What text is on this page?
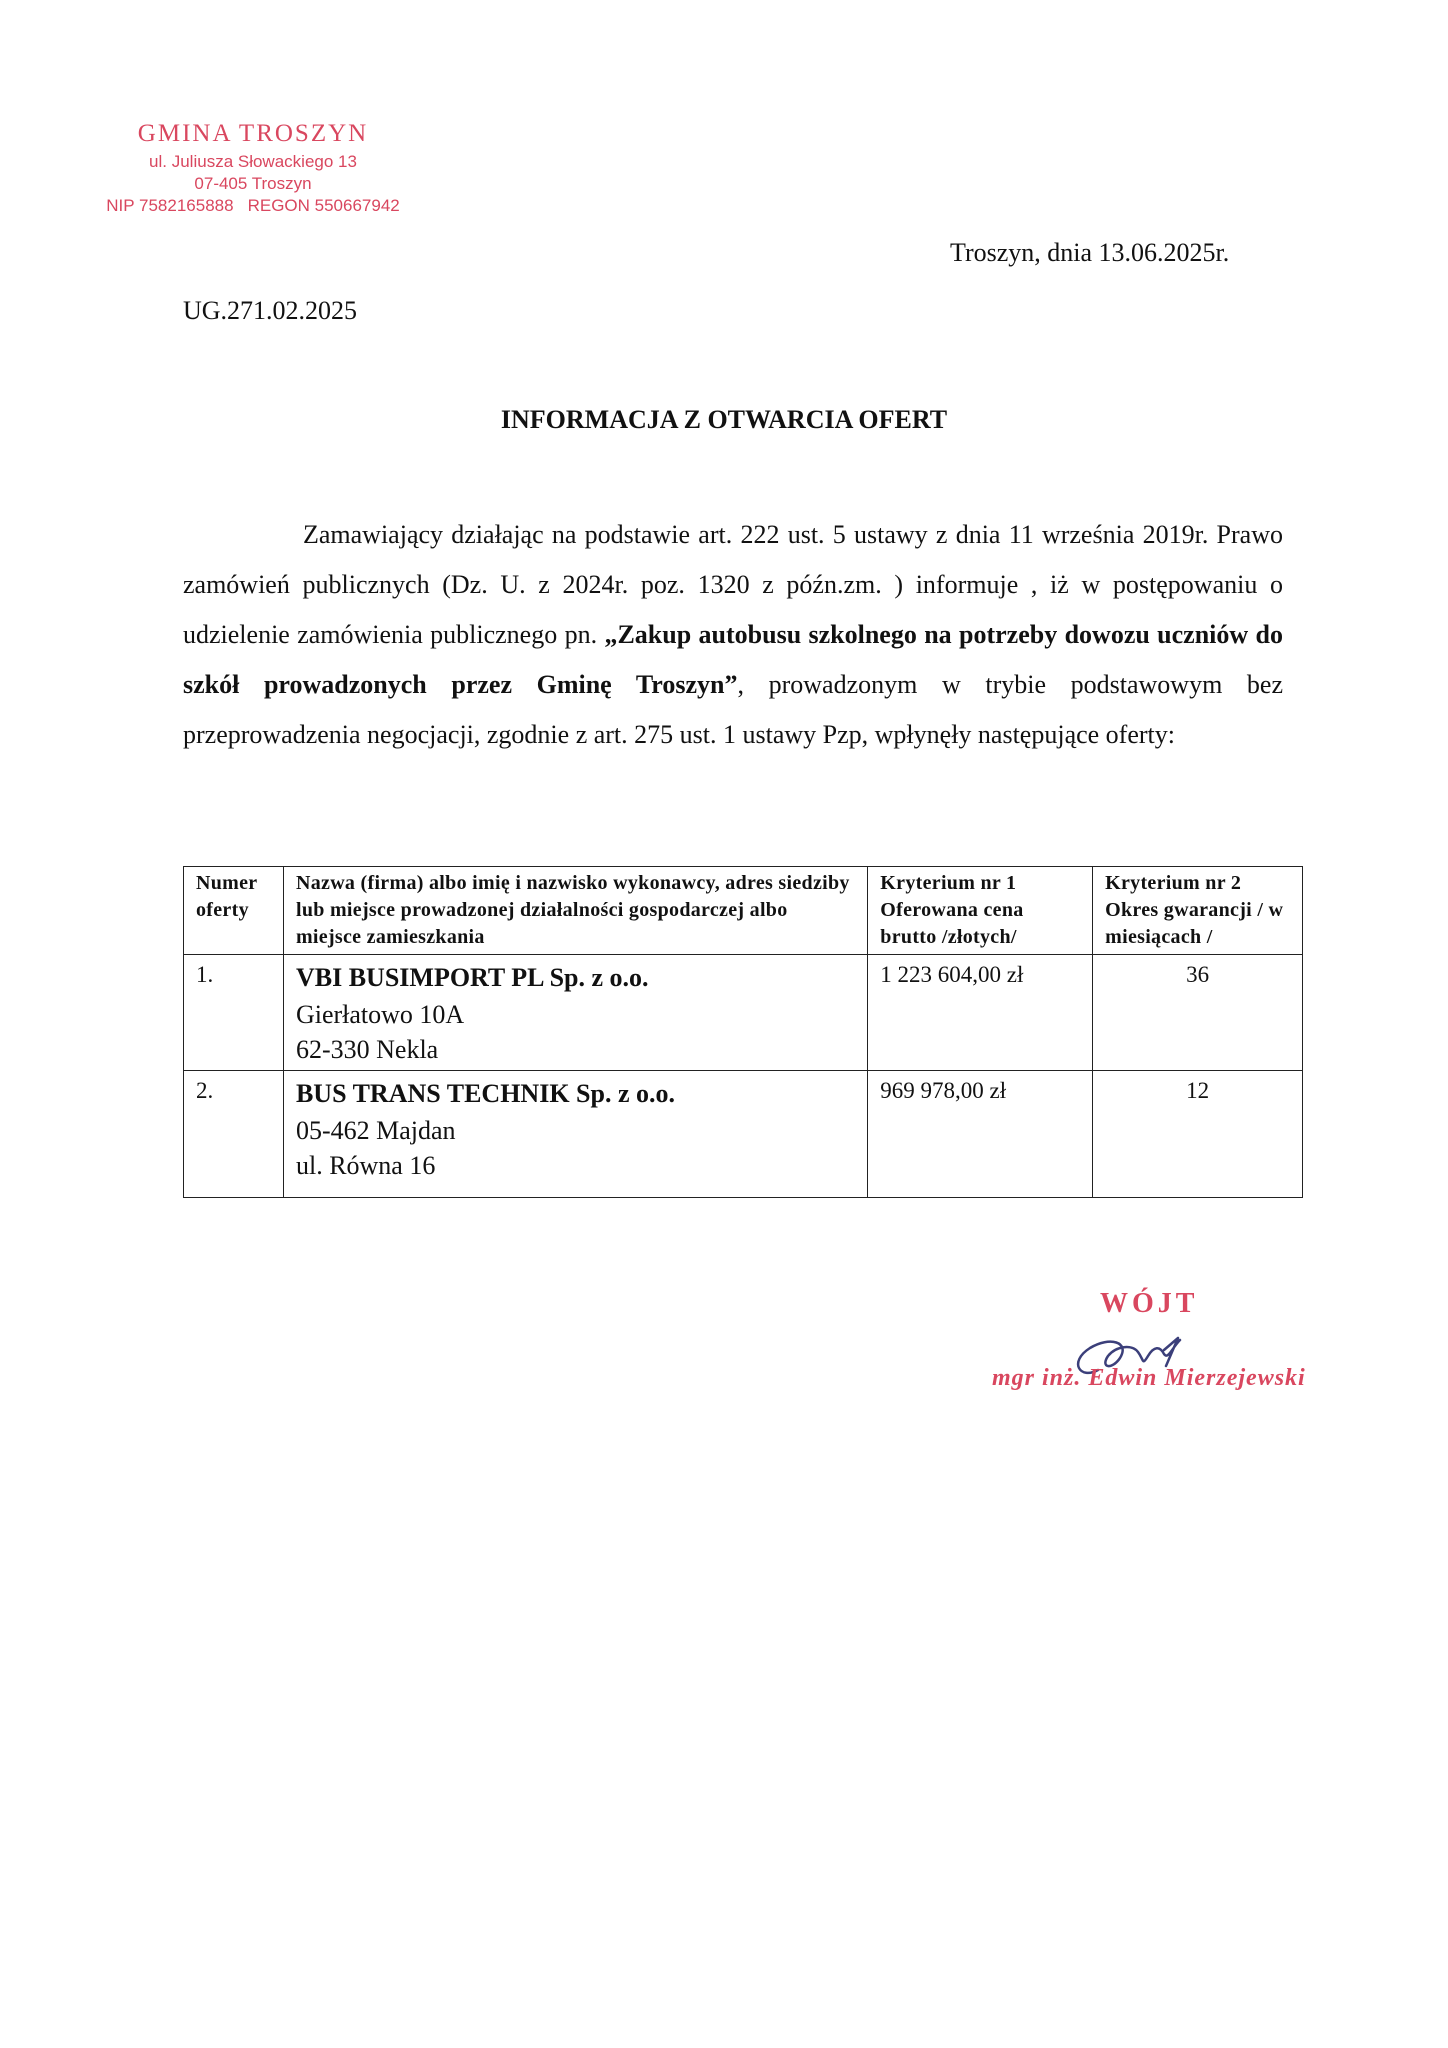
GMINA TROSZYN
ul. Juliusza Słowackiego 13
07-405 Troszyn
NIP 7582165888 REGON 550667942
Troszyn, dnia 13.06.2025r.
UG.271.02.2025
INFORMACJA Z OTWARCIA OFERT
Zamawiający działając na podstawie art. 222 ust. 5 ustawy z dnia 11 września 2019r. Prawo zamówień publicznych (Dz. U. z 2024r. poz. 1320 z późn.zm. ) informuje , iż w postępowaniu o udzielenie zamówienia publicznego pn. „Zakup autobusu szkolnego na potrzeby dowozu uczniów do szkół prowadzonych przez Gminę Troszyn”, prowadzonym w trybie podstawowym bez przeprowadzenia negocjacji, zgodnie z art. 275 ust. 1 ustawy Pzp, wpłynęły następujące oferty:
Numer oferty	Nazwa (firma) albo imię i nazwisko wykonawcy, adres siedziby lub miejsce prowadzonej działalności gospodarczej albo miejsce zamieszkania	Kryterium nr 1 Oferowana cena brutto /złotych/	Kryterium nr 2 Okres gwarancji / w miesiącach /
1.	VBI BUSIMPORT PL Sp. z o.o.
Gierłatowo 10A
62-330 Nekla	1 223 604,00 zł	36
2.	BUS TRANS TECHNIK Sp. z o.o.
05-462 Majdan
ul. Równa 16	969 978,00 zł	12
WÓJT
mgr inż. Edwin Mierzejewski
